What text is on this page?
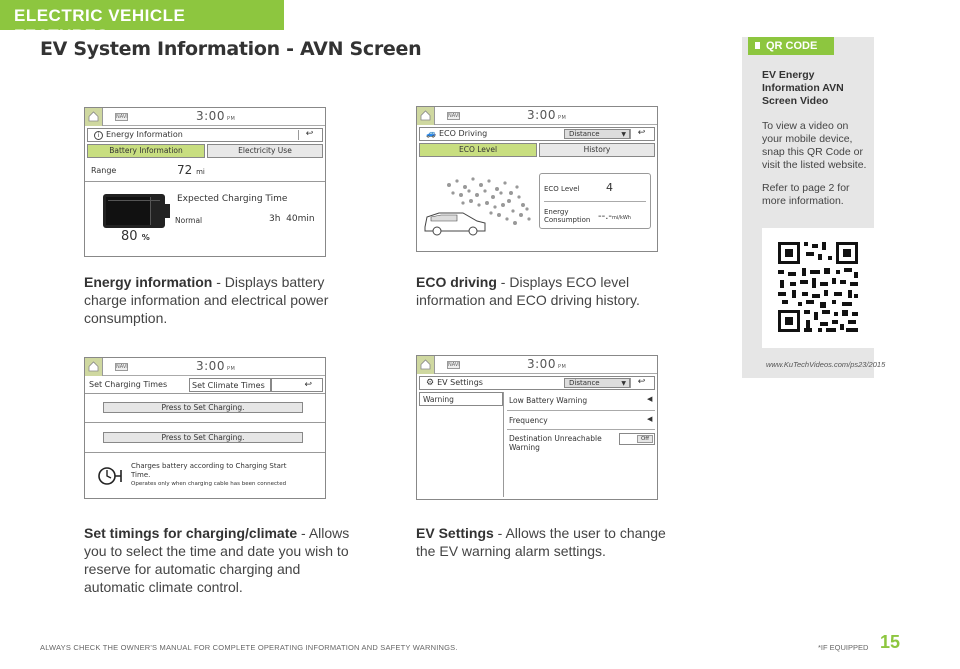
ELECTRIC VEHICLE FEATURES
EV System Information - AVN Screen
NAVI	3:00 PM
i Energy Information	↩
Battery Information	Electricity Use
Range	72 mi
Expected Charging Time
Normal	3h 40min
80 %
NAVI	3:00 PM
🚙 ECO Driving	Distance	▼	↩
ECO Level	History
ECO Level 4
Energy
Consumption --.-mi/kWh
NAVI	3:00 PM
Set Charging Times	Set Climate Times	↩
Press to Set Charging.
Press to Set Charging.
Charges battery according to Charging Start
Time.
Operates only when charging cable has been connected
NAVI	3:00 PM
⚙ EV Settings	Distance	▼	↩
Warning	Low Battery Warning	◀
Frequency	◀
Destination Unreachable
Warning
Off
Energy information - Displays battery charge information and electrical power consumption.
ECO driving - Displays ECO level information and ECO driving history.
Set timings for charging/climate - Allows you to select the time and date you wish to reserve for automatic charging and automatic climate control.
EV Settings - Allows the user to change the EV warning alarm settings.
QR CODE
EV Energy Information AVN Screen Video
To view a video on your mobile device, snap this QR Code or visit the listed website.
Refer to page 2 for more information.
www.KuTechVideos.com/ps23/2015
ALWAYS CHECK THE OWNER'S MANUAL FOR COMPLETE OPERATING INFORMATION AND SAFETY WARNINGS.	*IF EQUIPPED 15
